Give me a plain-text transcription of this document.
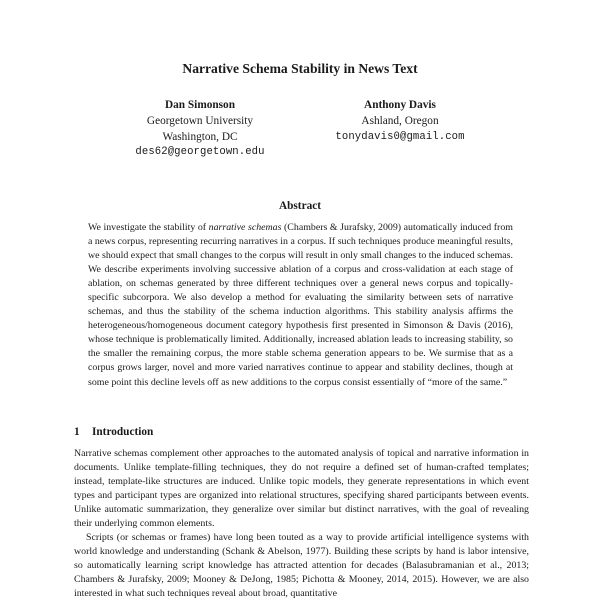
Narrative Schema Stability in News Text
Dan Simonson
Georgetown University
Washington, DC
des62@georgetown.edu
Anthony Davis
Ashland, Oregon
tonydavis0@gmail.com
Abstract
We investigate the stability of narrative schemas (Chambers & Jurafsky, 2009) automatically induced from a news corpus, representing recurring narratives in a corpus. If such techniques produce meaningful results, we should expect that small changes to the corpus will result in only small changes to the induced schemas. We describe experiments involving successive ablation of a corpus and cross-validation at each stage of ablation, on schemas generated by three different techniques over a general news corpus and topically-specific subcorpora. We also develop a method for evaluating the similarity between sets of narrative schemas, and thus the stability of the schema induction algorithms. This stability analysis affirms the heterogeneous/homogeneous document category hypothesis first presented in Simonson & Davis (2016), whose technique is problematically limited. Additionally, increased ablation leads to increasing stability, so the smaller the remaining corpus, the more stable schema generation appears to be. We surmise that as a corpus grows larger, novel and more varied narratives continue to appear and stability declines, though at some point this decline levels off as new additions to the corpus consist essentially of “more of the same.”
1 Introduction

Narrative schemas complement other approaches to the automated analysis of topical and narrative information in documents. Unlike template-filling techniques, they do not require a defined set of human-crafted templates; instead, template-like structures are induced. Unlike topic models, they generate representations in which event types and participant types are organized into relational structures, specifying shared participants between events. Unlike automatic summarization, they generalize over similar but distinct narratives, with the goal of revealing their underlying common elements.

Scripts (or schemas or frames) have long been touted as a way to provide artificial intelligence systems with world knowledge and understanding (Schank & Abelson, 1977). Building these scripts by hand is labor intensive, so automatically learning script knowledge has attracted attention for decades (Balasubramanian et al., 2013; Chambers & Jurafsky, 2009; Mooney & DeJong, 1985; Pichotta & Mooney, 2014, 2015). However, we are also interested in what such techniques reveal about broad, quantitative
